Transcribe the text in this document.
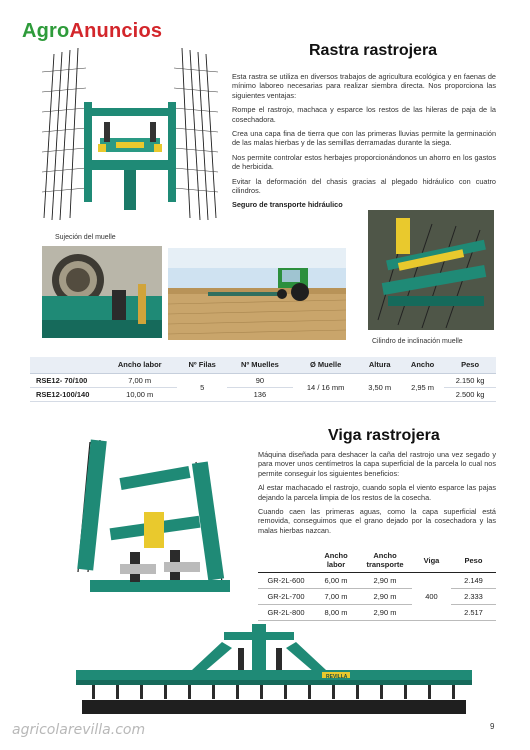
AgroAnuncios
Rastra rastrojera

Esta rastra se utiliza en diversos trabajos de agricultura ecológica y en faenas de mínimo laboreo necesarias para realizar siembra directa. Nos proporciona las siguientes ventajas:

Rompe el rastrojo, machaca y esparce los restos de las hileras de paja de la cosechadora.

Crea una capa fina de tierra que con las primeras lluvias permite la germinación de las malas hierbas y de las semillas derramadas durante la siega.

Nos permite controlar estos herbajes proporcionándonos un ahorro en los gastos de herbicida.

Evitar la deformación del chasis gracias al plegado hidráulico con cuatro cilindros.

Seguro de transporte hidráulico

Sujeción del muelle
Cilindro de inclinación muelle
	Ancho labor	Nº Filas	Nº Muelles	Ø Muelle	Altura	Ancho	Peso
RSE12- 70/100	7,00 m	5	90	14 / 16 mm	3,50 m	2,95 m	2.150 kg
RSE12-100/140	10,00 m		136				2.500 kg
Viga rastrojera

Máquina diseñada para deshacer la caña del rastrojo una vez segado y para mover unos centímetros la capa superficial de la parcela lo cual nos permite conseguir los siguientes beneficios:

Al estar machacado el rastrojo, cuando sopla el viento esparce las pajas dejando la parcela limpia de los restos de la cosecha.

Cuando caen las primeras aguas, como la capa superficial está removida, conseguimos que el grano dejado por la cosechadora y las malas hierbas nazcan.

	Ancho labor	Ancho transporte	Viga	Peso
GR-2L-600	6,00 m	2,90 m	400	2.149
GR-2L-700	7,00 m	2,90 m		2.333
GR-2L-800	8,00 m	2,90 m		2.517
REVILLA
agricolarevilla.com	9
